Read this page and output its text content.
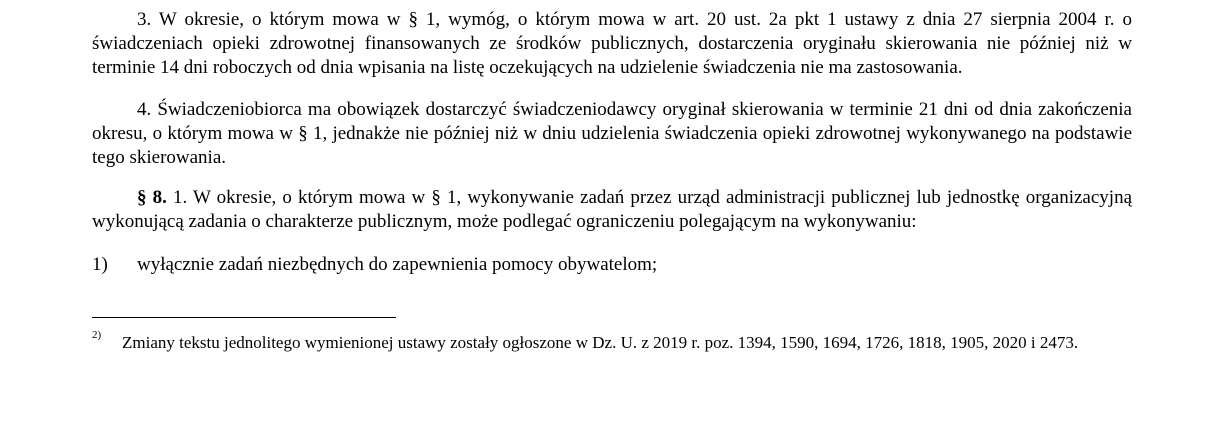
3. W okresie, o którym mowa w § 1, wymóg, o którym mowa w art. 20 ust. 2a pkt 1 ustawy z dnia 27 sierpnia 2004 r. o świadczeniach opieki zdrowotnej finansowanych ze środków publicznych, dostarczenia oryginału skierowania nie później niż w terminie 14 dni roboczych od dnia wpisania na listę oczekujących na udzielenie świadczenia nie ma zastosowania.

4. Świadczeniobiorca ma obowiązek dostarczyć świadczeniodawcy oryginał skierowania w terminie 21 dni od dnia zakończenia okresu, o którym mowa w § 1, jednakże nie później niż w dniu udzielenia świadczenia opieki zdrowotnej wykonywanego na podstawie tego skierowania.

§ 8. 1. W okresie, o którym mowa w § 1, wykonywanie zadań przez urząd administracji publicznej lub jednostkę organizacyjną wykonującą zadania o charakterze publicznym, może podlegać ograniczeniu polegającym na wykonywaniu:

1) wyłącznie zadań niezbędnych do zapewnienia pomocy obywatelom;
2) Zmiany tekstu jednolitego wymienionej ustawy zostały ogłoszone w Dz. U. z 2019 r. poz. 1394, 1590, 1694, 1726, 1818, 1905, 2020 i 2473.
